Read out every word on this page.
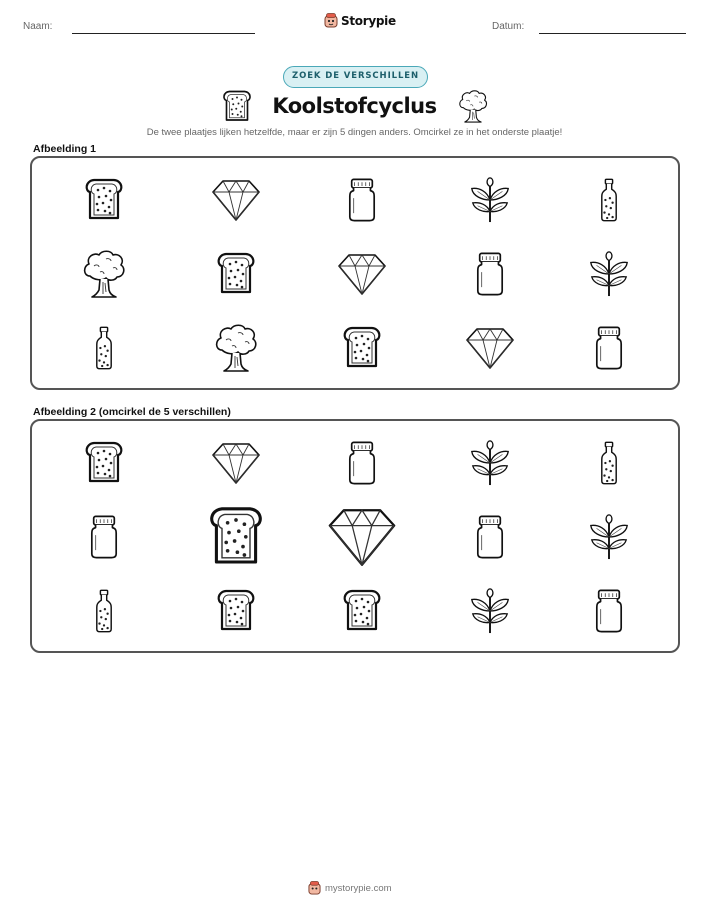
Naam:	Storypie	Datum:
ZOEK DE VERSCHILLEN
Koolstofcyclus
De twee plaatjes lijken hetzelfde, maar er zijn 5 dingen anders. Omcirkel ze in het onderste plaatje!
Afbeelding 1
Afbeelding 2 (omcirkel de 5 verschillen)
mystorypie.com
